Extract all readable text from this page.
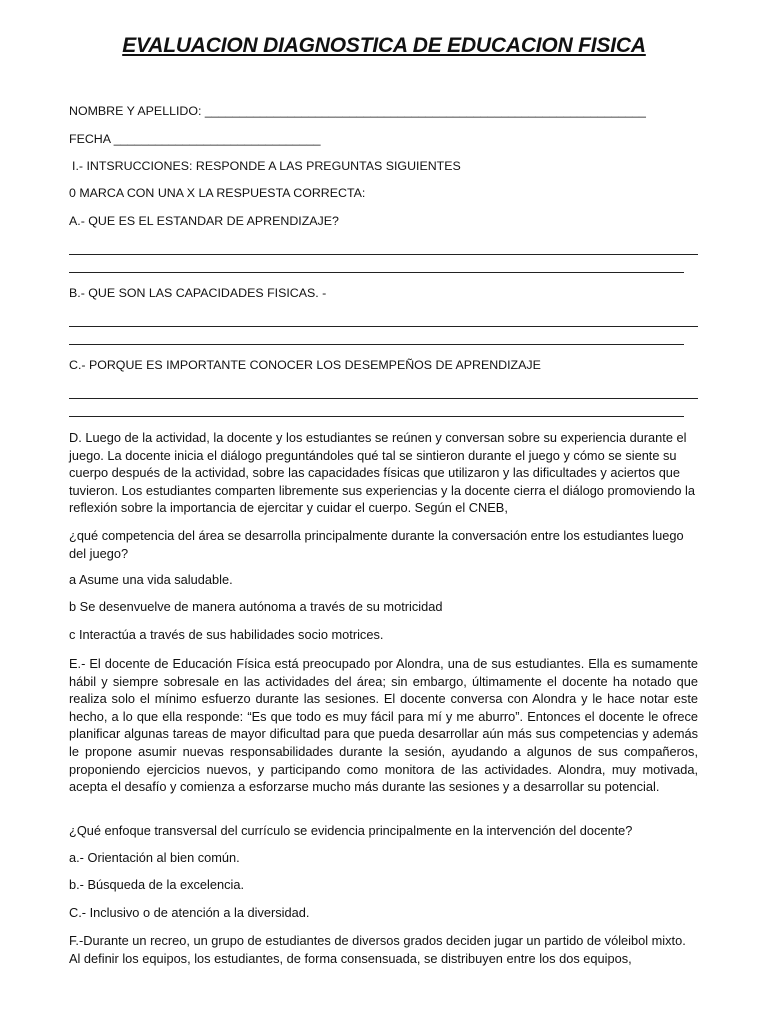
EVALUACION DIAGNOSTICA DE EDUCACION FISICA
NOMBRE Y APELLIDO: ________________________________________________________________
FECHA ______________________________
I.- INTSRUCCIONES: RESPONDE A LAS PREGUNTAS SIGUIENTES
0 MARCA CON UNA X LA RESPUESTA CORRECTA:
A.- QUE ES EL ESTANDAR DE APRENDIZAJE?
B.- QUE SON LAS CAPACIDADES FISICAS. -
C.- PORQUE ES IMPORTANTE CONOCER LOS DESEMPEÑOS DE APRENDIZAJE

D. Luego de la actividad, la docente y los estudiantes se reúnen y conversan sobre su experiencia durante el juego. La docente inicia el diálogo preguntándoles qué tal se sintieron durante el juego y cómo se siente su cuerpo después de la actividad, sobre las capacidades físicas que utilizaron y las dificultades y aciertos que tuvieron. Los estudiantes comparten libremente sus experiencias y la docente cierra el diálogo promoviendo la reflexión sobre la importancia de ejercitar y cuidar el cuerpo. Según el CNEB,

¿qué competencia del área se desarrolla principalmente durante la conversación entre los estudiantes luego del juego?

a Asume una vida saludable.
b Se desenvuelve de manera autónoma a través de su motricidad
c Interactúa a través de sus habilidades socio motrices.

E.- El docente de Educación Física está preocupado por Alondra, una de sus estudiantes. Ella es sumamente hábil y siempre sobresale en las actividades del área; sin embargo, últimamente el docente ha notado que realiza solo el mínimo esfuerzo durante las sesiones. El docente conversa con Alondra y le hace notar este hecho, a lo que ella responde: “Es que todo es muy fácil para mí y me aburro”. Entonces el docente le ofrece planificar algunas tareas de mayor dificultad para que pueda desarrollar aún más sus competencias y además le propone asumir nuevas responsabilidades durante la sesión, ayudando a algunos de sus compañeros, proponiendo ejercicios nuevos, y participando como monitora de las actividades. Alondra, muy motivada, acepta el desafío y comienza a esforzarse mucho más durante las sesiones y a desarrollar su potencial.

¿Qué enfoque transversal del currículo se evidencia principalmente en la intervención del docente?

a.- Orientación al bien común.
b.- Búsqueda de la excelencia.
C.- Inclusivo o de atención a la diversidad.

F.-Durante un recreo, un grupo de estudiantes de diversos grados deciden jugar un partido de vóleibol mixto. Al definir los equipos, los estudiantes, de forma consensuada, se distribuyen entre los dos equipos,
